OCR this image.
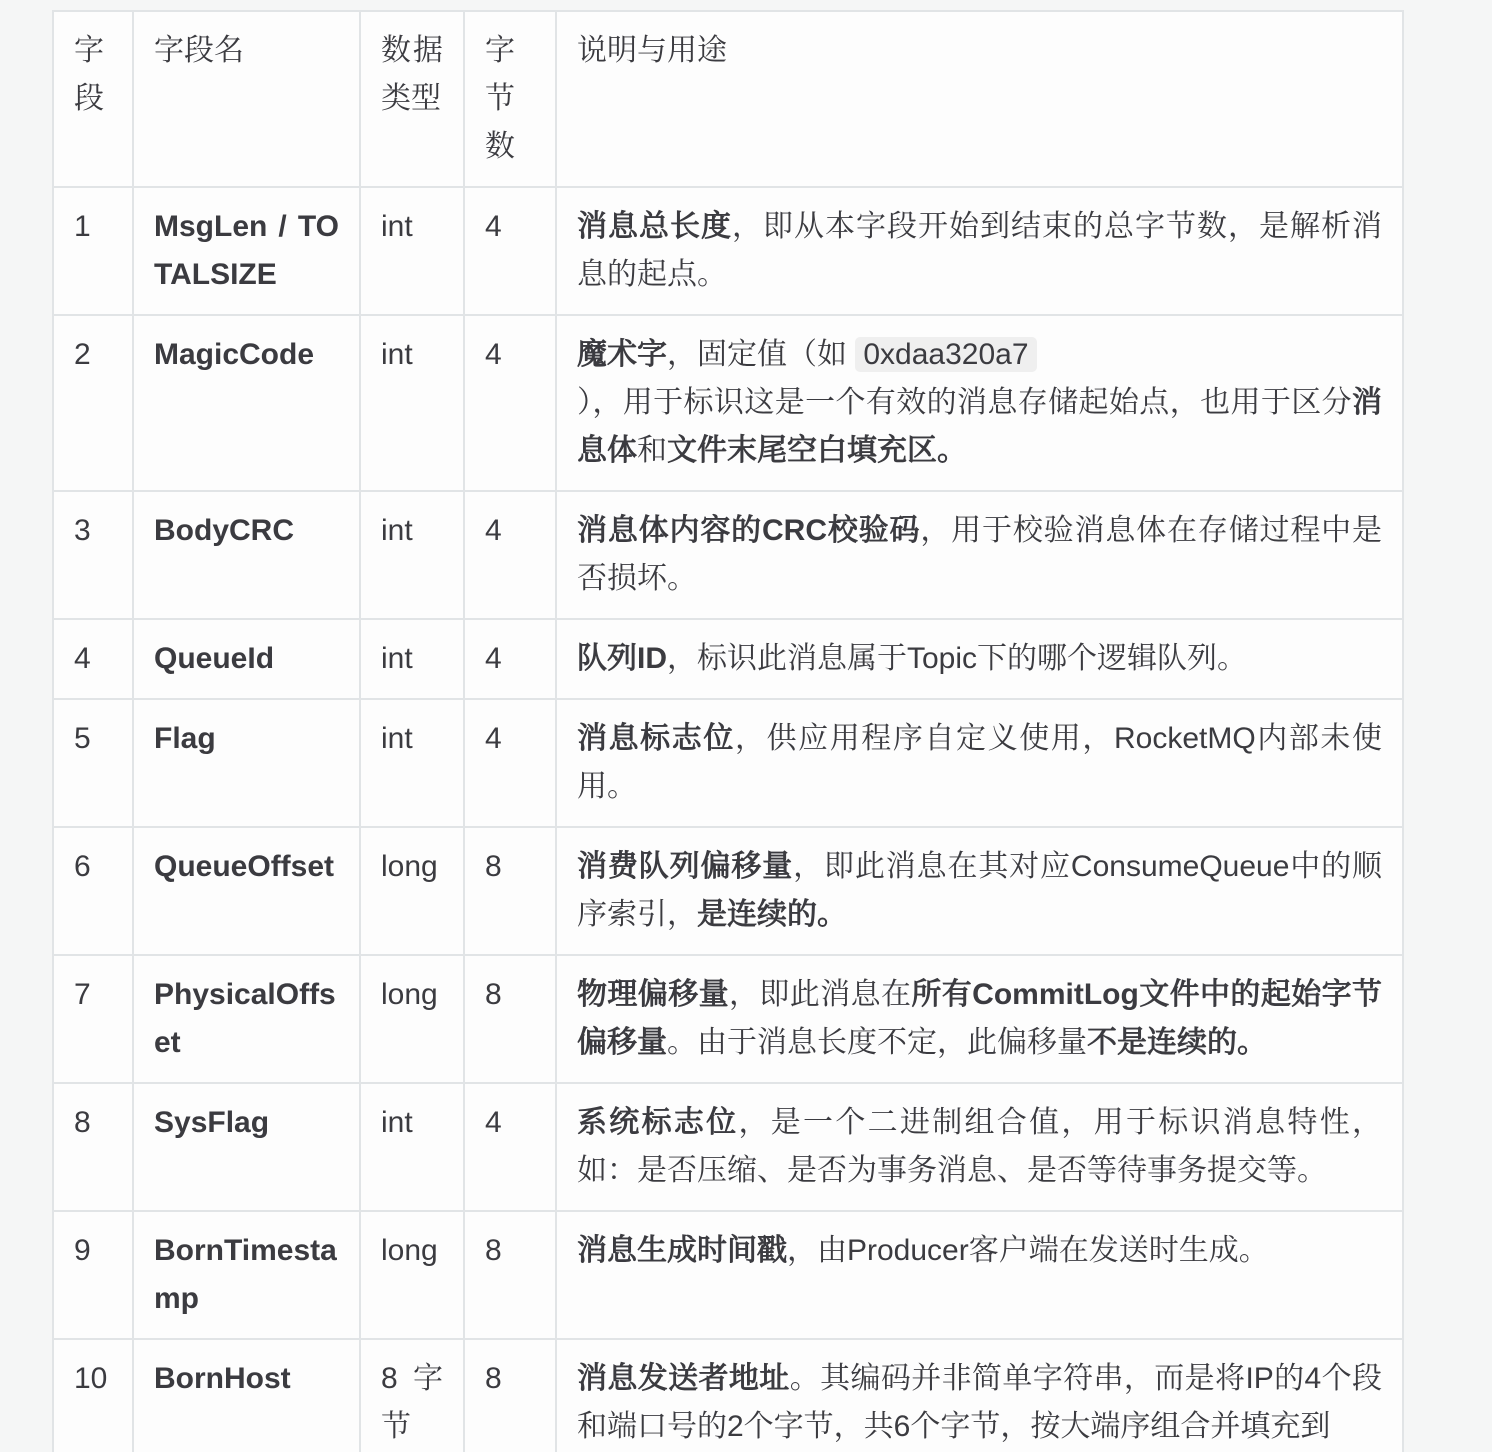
字段	字段名	数据类型	字节数	说明与用途
1	MsgLen / TOTALSIZE	int	4	消息总长度，即从本字段开始到结束的总字节数，是解析消息的起点。
2	MagicCode	int	4	魔术字，固定值（如 0xdaa320a7
），用于标识这是一个有效的消息存储起始点，也用于区分消息体和文件末尾空白填充区。
3	BodyCRC	int	4	消息体内容的CRC校验码，用于校验消息体在存储过程中是否损坏。
4	QueueId	int	4	队列ID，标识此消息属于Topic下的哪个逻辑队列。
5	Flag	int	4	消息标志位，供应用程序自定义使用，RocketMQ内部未使用。
6	QueueOffset	long	8	消费队列偏移量，即此消息在其对应ConsumeQueue中的顺序索引，是连续的。
7	PhysicalOffset	long	8	物理偏移量，即此消息在所有CommitLog文件中的起始字节偏移量。由于消息长度不定，此偏移量不是连续的。
8	SysFlag	int	4	系统标志位，是一个二进制组合值，用于标识消息特性，如：是否压缩、是否为事务消息、是否等待事务提交等。
9	BornTimestamp	long	8	消息生成时间戳，由Producer客户端在发送时生成。
10	BornHost	8 字节	8	消息发送者地址。其编码并非简单字符串，而是将IP的4个段和端口号的2个字节，共6个字节，按大端序组合并填充到
